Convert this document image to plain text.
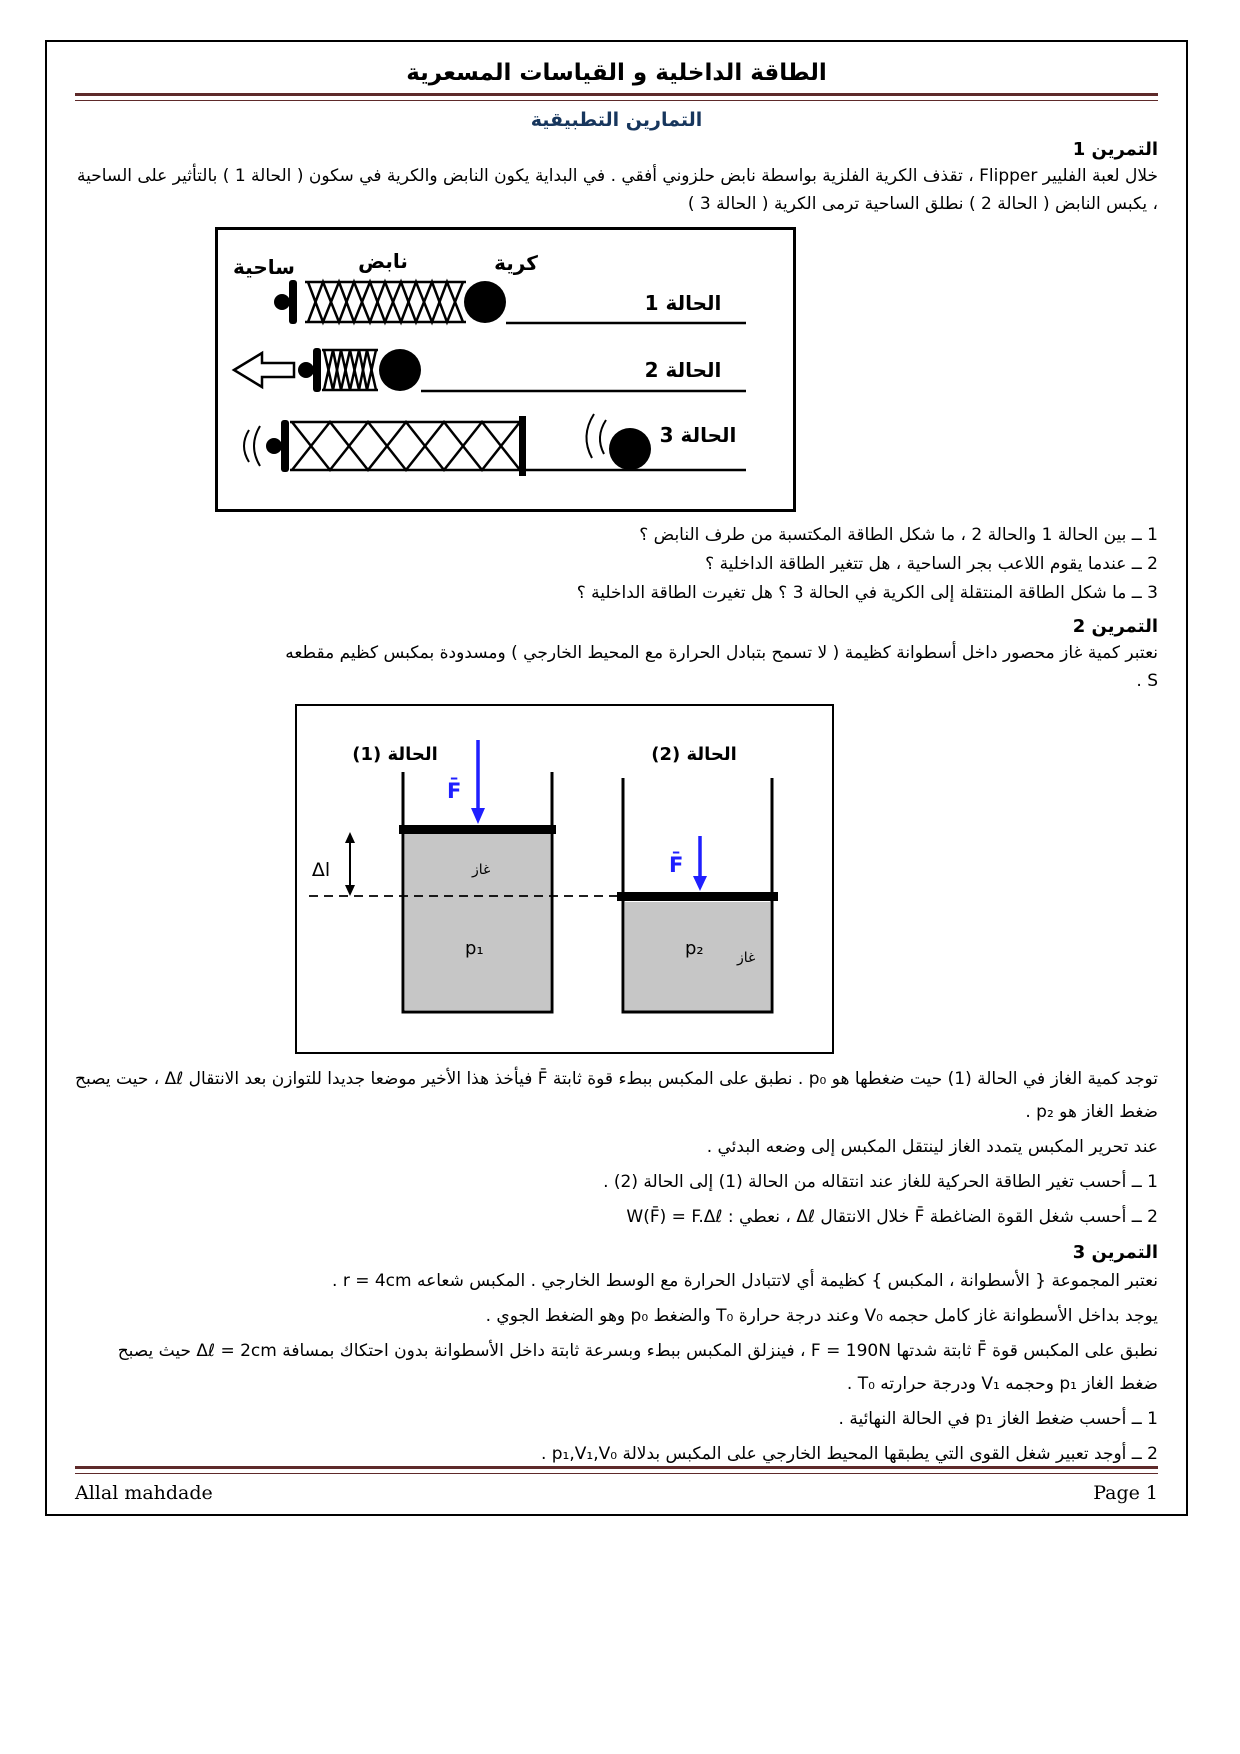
الطاقة الداخلية و القياسات المسعرية
التمارين التطبيقية
التمرين 1

خلال لعبة الفليير Flipper ، تقذف الكرية الفلزية بواسطة نابض حلزوني أفقي . في البداية يكون النابض والكرية في سكون ( الحالة 1 ) بالتأثير على الساحية ، يكبس النابض ( الحالة 2 ) نطلق الساحية ترمى الكرية ( الحالة 3 )

ساحية	نابض	كرية
الحالة 1
الحالة 2
الحالة 3

1 ــ بين الحالة 1 والحالة 2 ، ما شكل الطاقة المكتسبة من طرف النابض ؟

2 ــ عندما يقوم اللاعب بجر الساحية ، هل تتغير الطاقة الداخلية ؟

3 ــ ما شكل الطاقة المنتقلة إلى الكرية في الحالة 3 ؟ هل تغيرت الطاقة الداخلية ؟

التمرين 2

نعتبر كمية غاز محصور داخل أسطوانة كظيمة ( لا تسمح بتبادل الحرارة مع المحيط الخارجي ) ومسدودة بمكبس كظيم مقطعه
S .

الحالة (1)	الحالة (2)
F̄
غاز
p₁
Δl	F̄
p₂ غاز

توجد كمية الغاز في الحالة (1) حيت ضغطها هو p₀ . نطبق على المكبس ببطء قوة ثابتة F̄ فيأخذ هذا الأخير موضعا جديدا للتوازن بعد الانتقال Δℓ ، حيت يصبح ضغط الغاز هو p₂ .

عند تحرير المكبس يتمدد الغاز لينتقل المكبس إلى وضعه البدئي .

1 ــ أحسب تغير الطاقة الحركية للغاز عند انتقاله من الحالة (1) إلى الحالة (2) .

2 ــ أحسب شغل القوة الضاغطة F̄ خلال الانتقال Δℓ ، نعطي : W(F̄) = F.Δℓ

التمرين 3

نعتبر المجموعة { الأسطوانة ، المكبس } كظيمة أي لاتتبادل الحرارة مع الوسط الخارجي . المكبس شعاعه r = 4cm .

يوجد بداخل الأسطوانة غاز كامل حجمه V₀ وعند درجة حرارة T₀ والضغط p₀ وهو الضغط الجوي .

نطبق على المكبس قوة F̄ ثابتة شدتها F = 190N ، فينزلق المكبس ببطء وبسرعة ثابتة داخل الأسطوانة بدون احتكاك بمسافة Δℓ = 2cm حيث يصبح ضغط الغاز p₁ وحجمه V₁ ودرجة حرارته T₀ .

1 ــ أحسب ضغط الغاز p₁ في الحالة النهائية .

2 ــ أوجد تعبير شغل القوى التي يطبقها المحيط الخارجي على المكبس بدلالة p₁,V₁,V₀ .

Allal mahdade	Page 1
